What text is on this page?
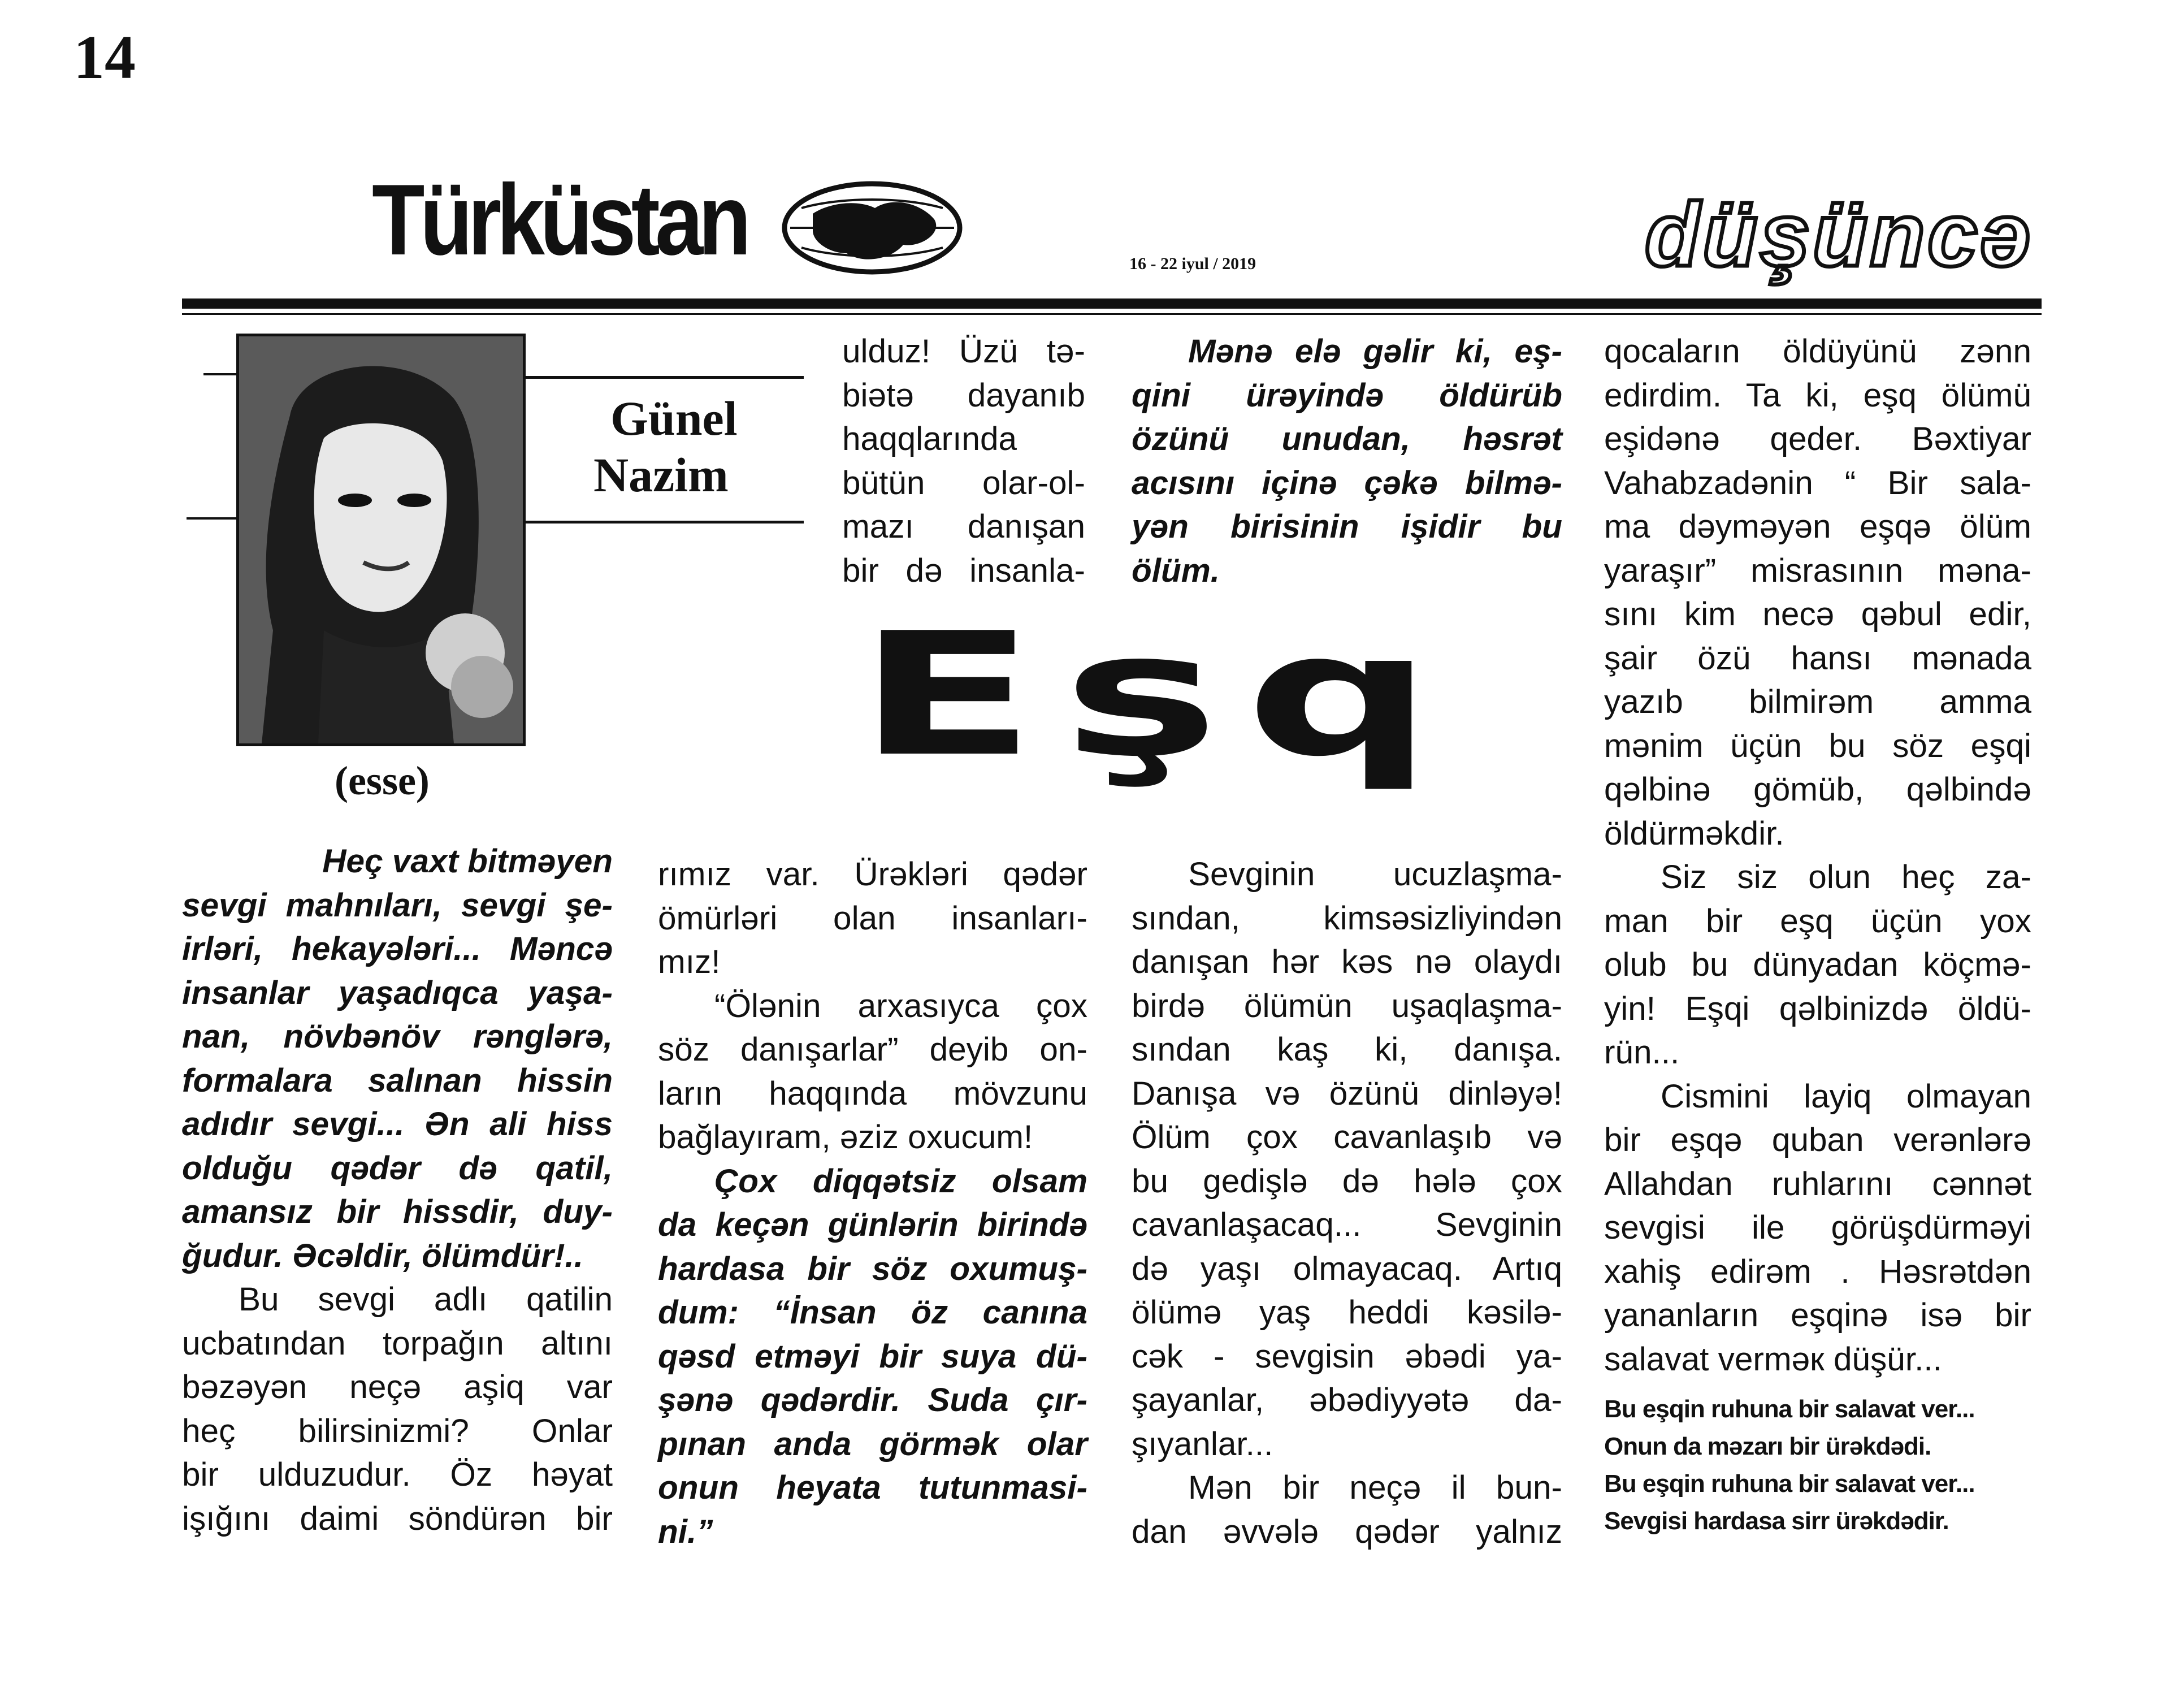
14
Türküstan	16 - 22 iyul / 2019	düşüncə
Günel
Nazim
(esse)	Eşq

Heç vaxt bitməyen

sevgi mahnıları, sevgi şe-

irləri, hekayələri... Məncə

insanlar yaşadıqca yaşa-

nan, növbənöv rənglərə,

formalara salınan hissin

adıdır sevgi... Ən ali hiss

olduğu qədər də qatil,

amansız bir hissdir, duy-

ğudur. Əcəldir, ölümdür!..

Bu sevgi adlı qatilin

ucbatından torpağın altını

bəzəyən neçə aşiq var

heç bilirsinizmi? Onlar

bir ulduzudur. Öz həyat

işığını daimi söndürən bir

ulduz! Üzü tə-

biətə dayanıb

haqqlarında

bütün olar-ol-

mazı danışan

bir də insanla-

rımız var. Ürəkləri qədər

ömürləri olan insanları-

mız!

“Ölənin arxasıyca çox

söz danışarlar” deyib on-

ların haqqında mövzunu

bağlayıram, əziz oxucum!

Çox diqqətsiz olsam

da keçən günlərin birində

hardasa bir söz oxumuş-

dum: “İnsan öz canına

qəsd etməyi bir suya dü-

şənə qədərdir. Suda çır-

pınan anda görmək olar

onun heyata tutunmasi-

ni.”

Mənə elə gəlir ki, eş-

qini ürəyində öldürüb

özünü unudan, həsrət

acısını içinə çəkə bilmə-

yən birisinin işidir bu

ölüm.

Sevginin ucuzlaşma-

sından, kimsəsizliyindən

danışan hər kəs nə olaydı

birdə ölümün uşaqlaşma-

sından kaş ki, danışa.

Danışa və özünü dinləyə!

Ölüm çox cavanlaşıb və

bu gedişlə də hələ çox

cavanlaşacaq... Sevginin

də yaşı olmayacaq. Artıq

ölümə yaş heddi kəsilə-

cək - sevgisin əbədi ya-

şayanlar, əbədiyyətə da-

şıyanlar...

Mən bir neçə il bun-

dan əvvələ qədər yalnız

qocaların öldüyünü zənn

edirdim. Ta ki, eşq ölümü

eşidənə qeder. Bəxtiyar

Vahabzadənin “ Bir sala-

ma dəyməyən eşqə ölüm

yaraşır” misrasının məna-

sını kim necə qəbul edir,

şair özü hansı mənada

yazıb bilmirəm amma

mənim üçün bu söz eşqi

qəlbinə gömüb, qəlbində

öldürməkdir.

Siz siz olun heç za-

man bir eşq üçün yox

olub bu dünyadan köçmə-

yin! Eşqi qəlbinizdə öldü-

rün...

Cismini layiq olmayan

bir eşqə quban verənlərə

Allahdan ruhlarını cənnət

sevgisi ile görüşdürməyi

xahiş edirəm . Həsrətdən

yananların eşqinə isə bir

salavat verməк düşür...

Bu eşqin ruhuna bir salavat ver...
Onun da məzarı bir ürəkdədi.
Bu eşqin ruhuna bir salavat ver...
Sevgisi hardasa sirr ürəkdədir.
